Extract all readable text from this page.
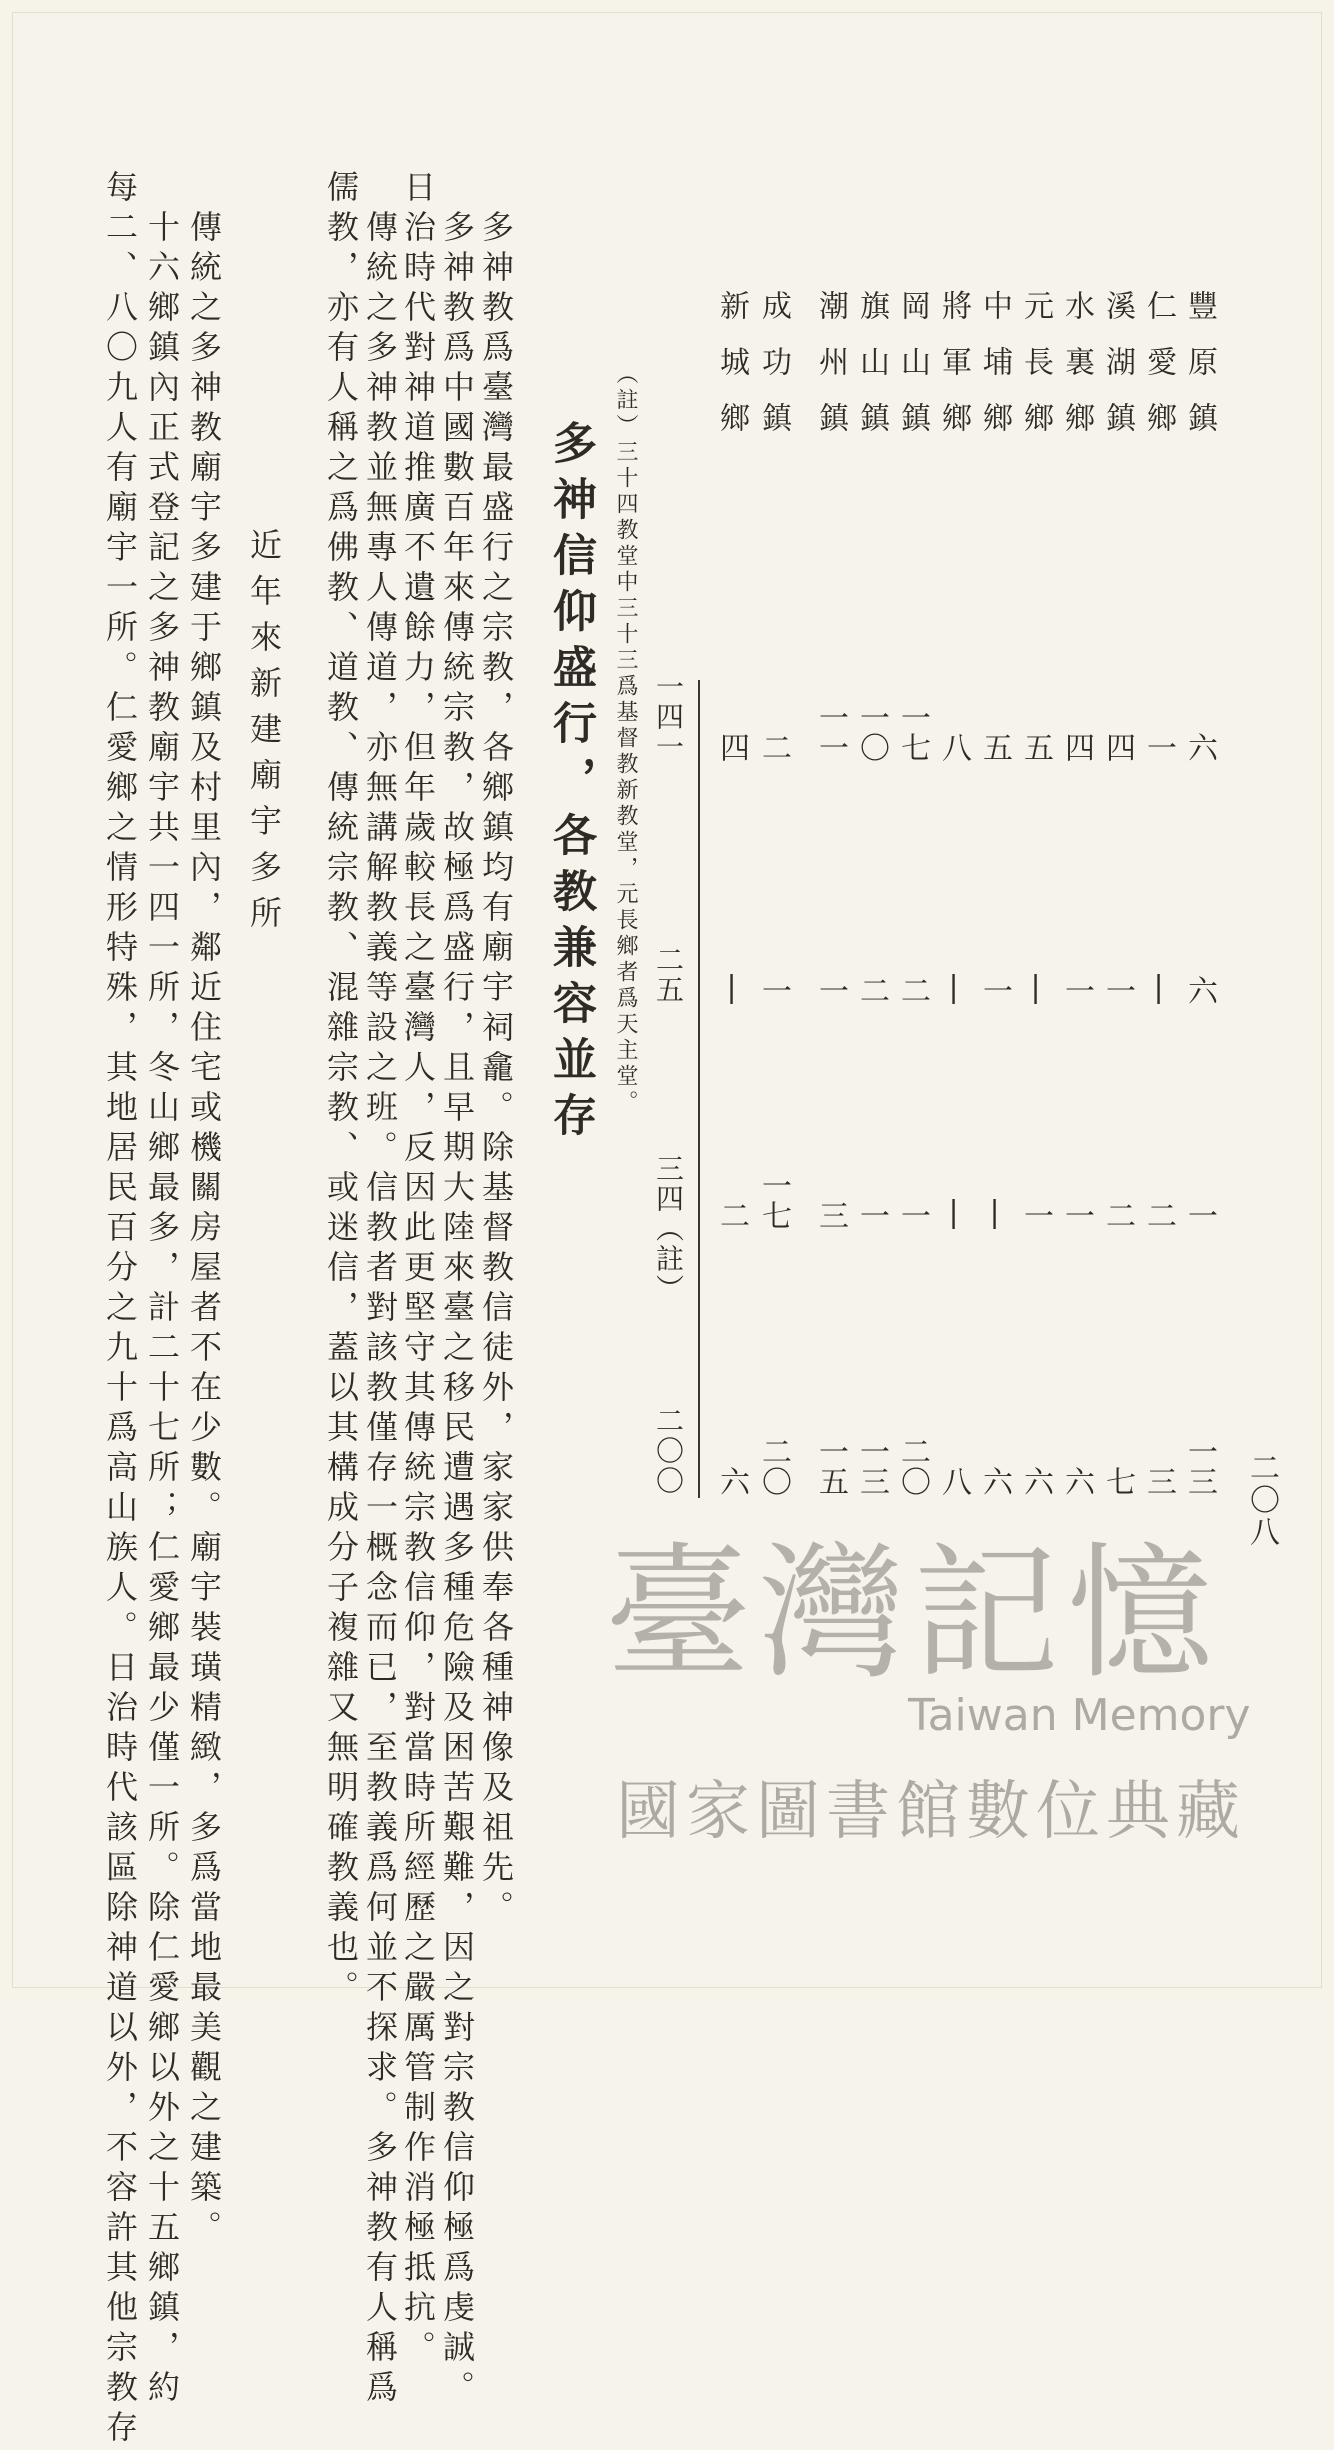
二〇八
豐原鎮
仁愛鄉
溪湖鎮
水裏鄉
元長鄉
中埔鄉
將軍鄉
岡山鎮
旗山鎮
潮州鎮
成功鎮
新城鄉
六
一
四
四
五
五
八
一七
一〇
一一
二
四
一四一
六
|
一
一
|
一
|
二
二
一
一
|
二五
一
二
二
一
一
|
|
一
一
三
一七
二
三四（註）
一三
三
七
六
六
六
八
二〇
一三
一五
二〇
六
二〇〇
（註）三十四教堂中三十三爲基督教新教堂，元長鄉者爲天主堂。
多神信仰盛行，各教兼容並存
多神教爲臺灣最盛行之宗教，各鄉鎮均有廟宇祠龕。除基督教信徒外，家家供奉各種神像及祖先。
多神教爲中國數百年來傳統宗教，故極爲盛行，且早期大陸來臺之移民遭遇多種危險及困苦艱難，因之對宗教信仰極爲虔誠。
日治時代對神道推廣不遺餘力，但年歲較長之臺灣人，反因此更堅守其傳統宗教信仰，對當時所經歷之嚴厲管制作消極抵抗。
傳統之多神教並無專人傳道，亦無講解教義等設之班。信教者對該教僅存一概念而已，至教義爲何並不探求。多神教有人稱爲
儒教，亦有人稱之爲佛教、道教、傳統宗教、混雜宗教、或迷信，蓋以其構成分子複雜又無明確教義也。
近年來新建廟宇多所
傳統之多神教廟宇多建于鄉鎮及村里內，鄰近住宅或機關房屋者不在少數。廟宇裝璜精緻，多爲當地最美觀之建築。
十六鄉鎮內正式登記之多神教廟宇共一四一所，冬山鄉最多，計二十七所；仁愛鄉最少僅一所。除仁愛鄉以外之十五鄉鎮，約
每二、八〇九人有廟宇一所。仁愛鄉之情形特殊，其地居民百分之九十爲高山族人。日治時代該區除神道以外，不容許其他宗教存	臺灣記憶
Taiwan Memory
國家圖書館數位典藏
